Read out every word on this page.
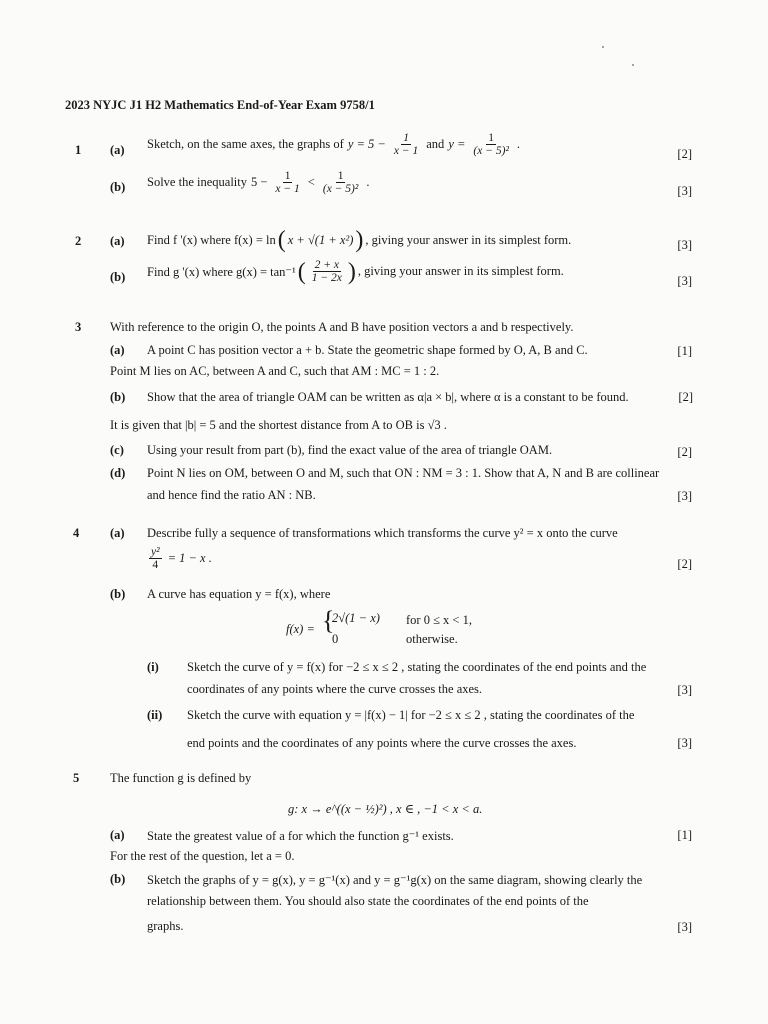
2023 NYJC J1 H2 Mathematics End-of-Year Exam 9758/1
1 (a) Sketch, on the same axes, the graphs of $y = 5 - \frac{1}{x - 1}$ and $y = \frac{1}{\text{(x − 5)²}}$ .
[2]
(b) Solve the inequality $5 - \frac{1}{x - 1} < \frac{1}{\text{(x − 5)²}}$ .
[3]
2 (a) Find f '(x) where f(x) = ln ( x + √(1 + x²) ) , giving your answer in its simplest form.	[3]
(b) Find g '(x) where g(x) = tan⁻¹ ( $\frac{2 + x}{1 - 2x}$ ) , giving your answer in its simplest form.
[3]
3 With reference to the origin O, the points A and B have position vectors a and b respectively.
(a) A point C has position vector a + b. State the geometric shape formed by O, A, B and C.	[1]
Point M lies on AC, between A and C, such that AM : MC = 1 : 2.
(b) Show that the area of triangle OAM can be written as α|a × b|, where α is a constant to be found.	[2]
It is given that |b| = 5 and the shortest distance from A to OB is √3 .
(c) Using your result from part (b), find the exact value of the area of triangle OAM.	[2]
(d) Point N lies on OM, between O and M, such that ON : NM = 3 : 1. Show that A, N and B are collinear
and hence find the ratio AN : NB.	[3]
4 (a) Describe fully a sequence of transformations which transforms the curve y² = x onto the curve
$\frac{\text{y²}}{4} = 1 - x$ .	[2]
(b) A curve has equation y = f(x), where
f(x) = {
2√(1 − x) for 0 ≤ x < 1,
0	otherwise.
(i) Sketch the curve of y = f(x) for −2 ≤ x ≤ 2 , stating the coordinates of the end points and the
coordinates of any points where the curve crosses the axes.	[3]
(ii) Sketch the curve with equation y = |f(x) − 1| for −2 ≤ x ≤ 2 , stating the coordinates of the
end points and the coordinates of any points where the curve crosses the axes.	[3]
5 The function g is defined by
g: x → e^((x − ½)²) , x ∈ , −1 < x < a.
(a) State the greatest value of a for which the function g⁻¹ exists.	[1]
For the rest of the question, let a = 0.
(b) Sketch the graphs of y = g(x), y = g⁻¹(x) and y = g⁻¹g(x) on the same diagram, showing clearly the
relationship between them. You should also state the coordinates of the end points of the
graphs.	[3]
